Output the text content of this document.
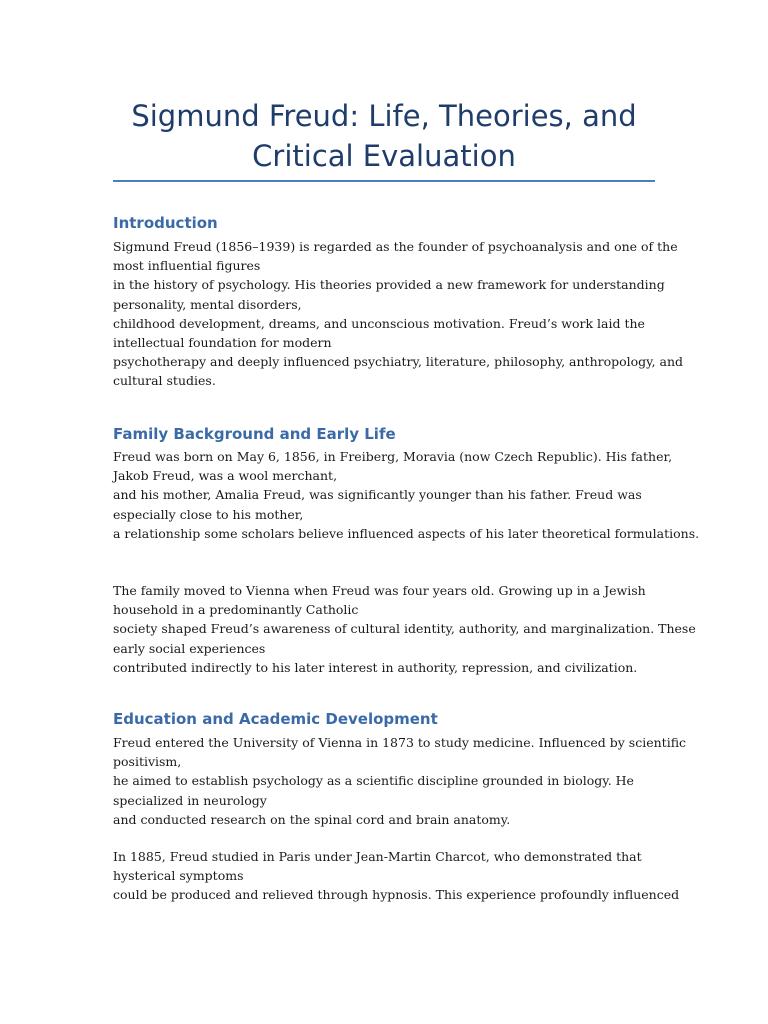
Sigmund Freud: Life, Theories, and
Critical Evaluation
Introduction

Sigmund Freud (1856–1939) is regarded as the founder of psychoanalysis and one of the
most influential figures
in the history of psychology. His theories provided a new framework for understanding
personality, mental disorders,
childhood development, dreams, and unconscious motivation. Freud’s work laid the
intellectual foundation for modern
psychotherapy and deeply influenced psychiatry, literature, philosophy, anthropology, and
cultural studies.

Family Background and Early Life

Freud was born on May 6, 1856, in Freiberg, Moravia (now Czech Republic). His father,
Jakob Freud, was a wool merchant,
and his mother, Amalia Freud, was significantly younger than his father. Freud was
especially close to his mother,
a relationship some scholars believe influenced aspects of his later theoretical formulations.

The family moved to Vienna when Freud was four years old. Growing up in a Jewish
household in a predominantly Catholic
society shaped Freud’s awareness of cultural identity, authority, and marginalization. These
early social experiences
contributed indirectly to his later interest in authority, repression, and civilization.

Education and Academic Development

Freud entered the University of Vienna in 1873 to study medicine. Influenced by scientific
positivism,
he aimed to establish psychology as a scientific discipline grounded in biology. He
specialized in neurology
and conducted research on the spinal cord and brain anatomy.

In 1885, Freud studied in Paris under Jean-Martin Charcot, who demonstrated that
hysterical symptoms
could be produced and relieved through hypnosis. This experience profoundly influenced
